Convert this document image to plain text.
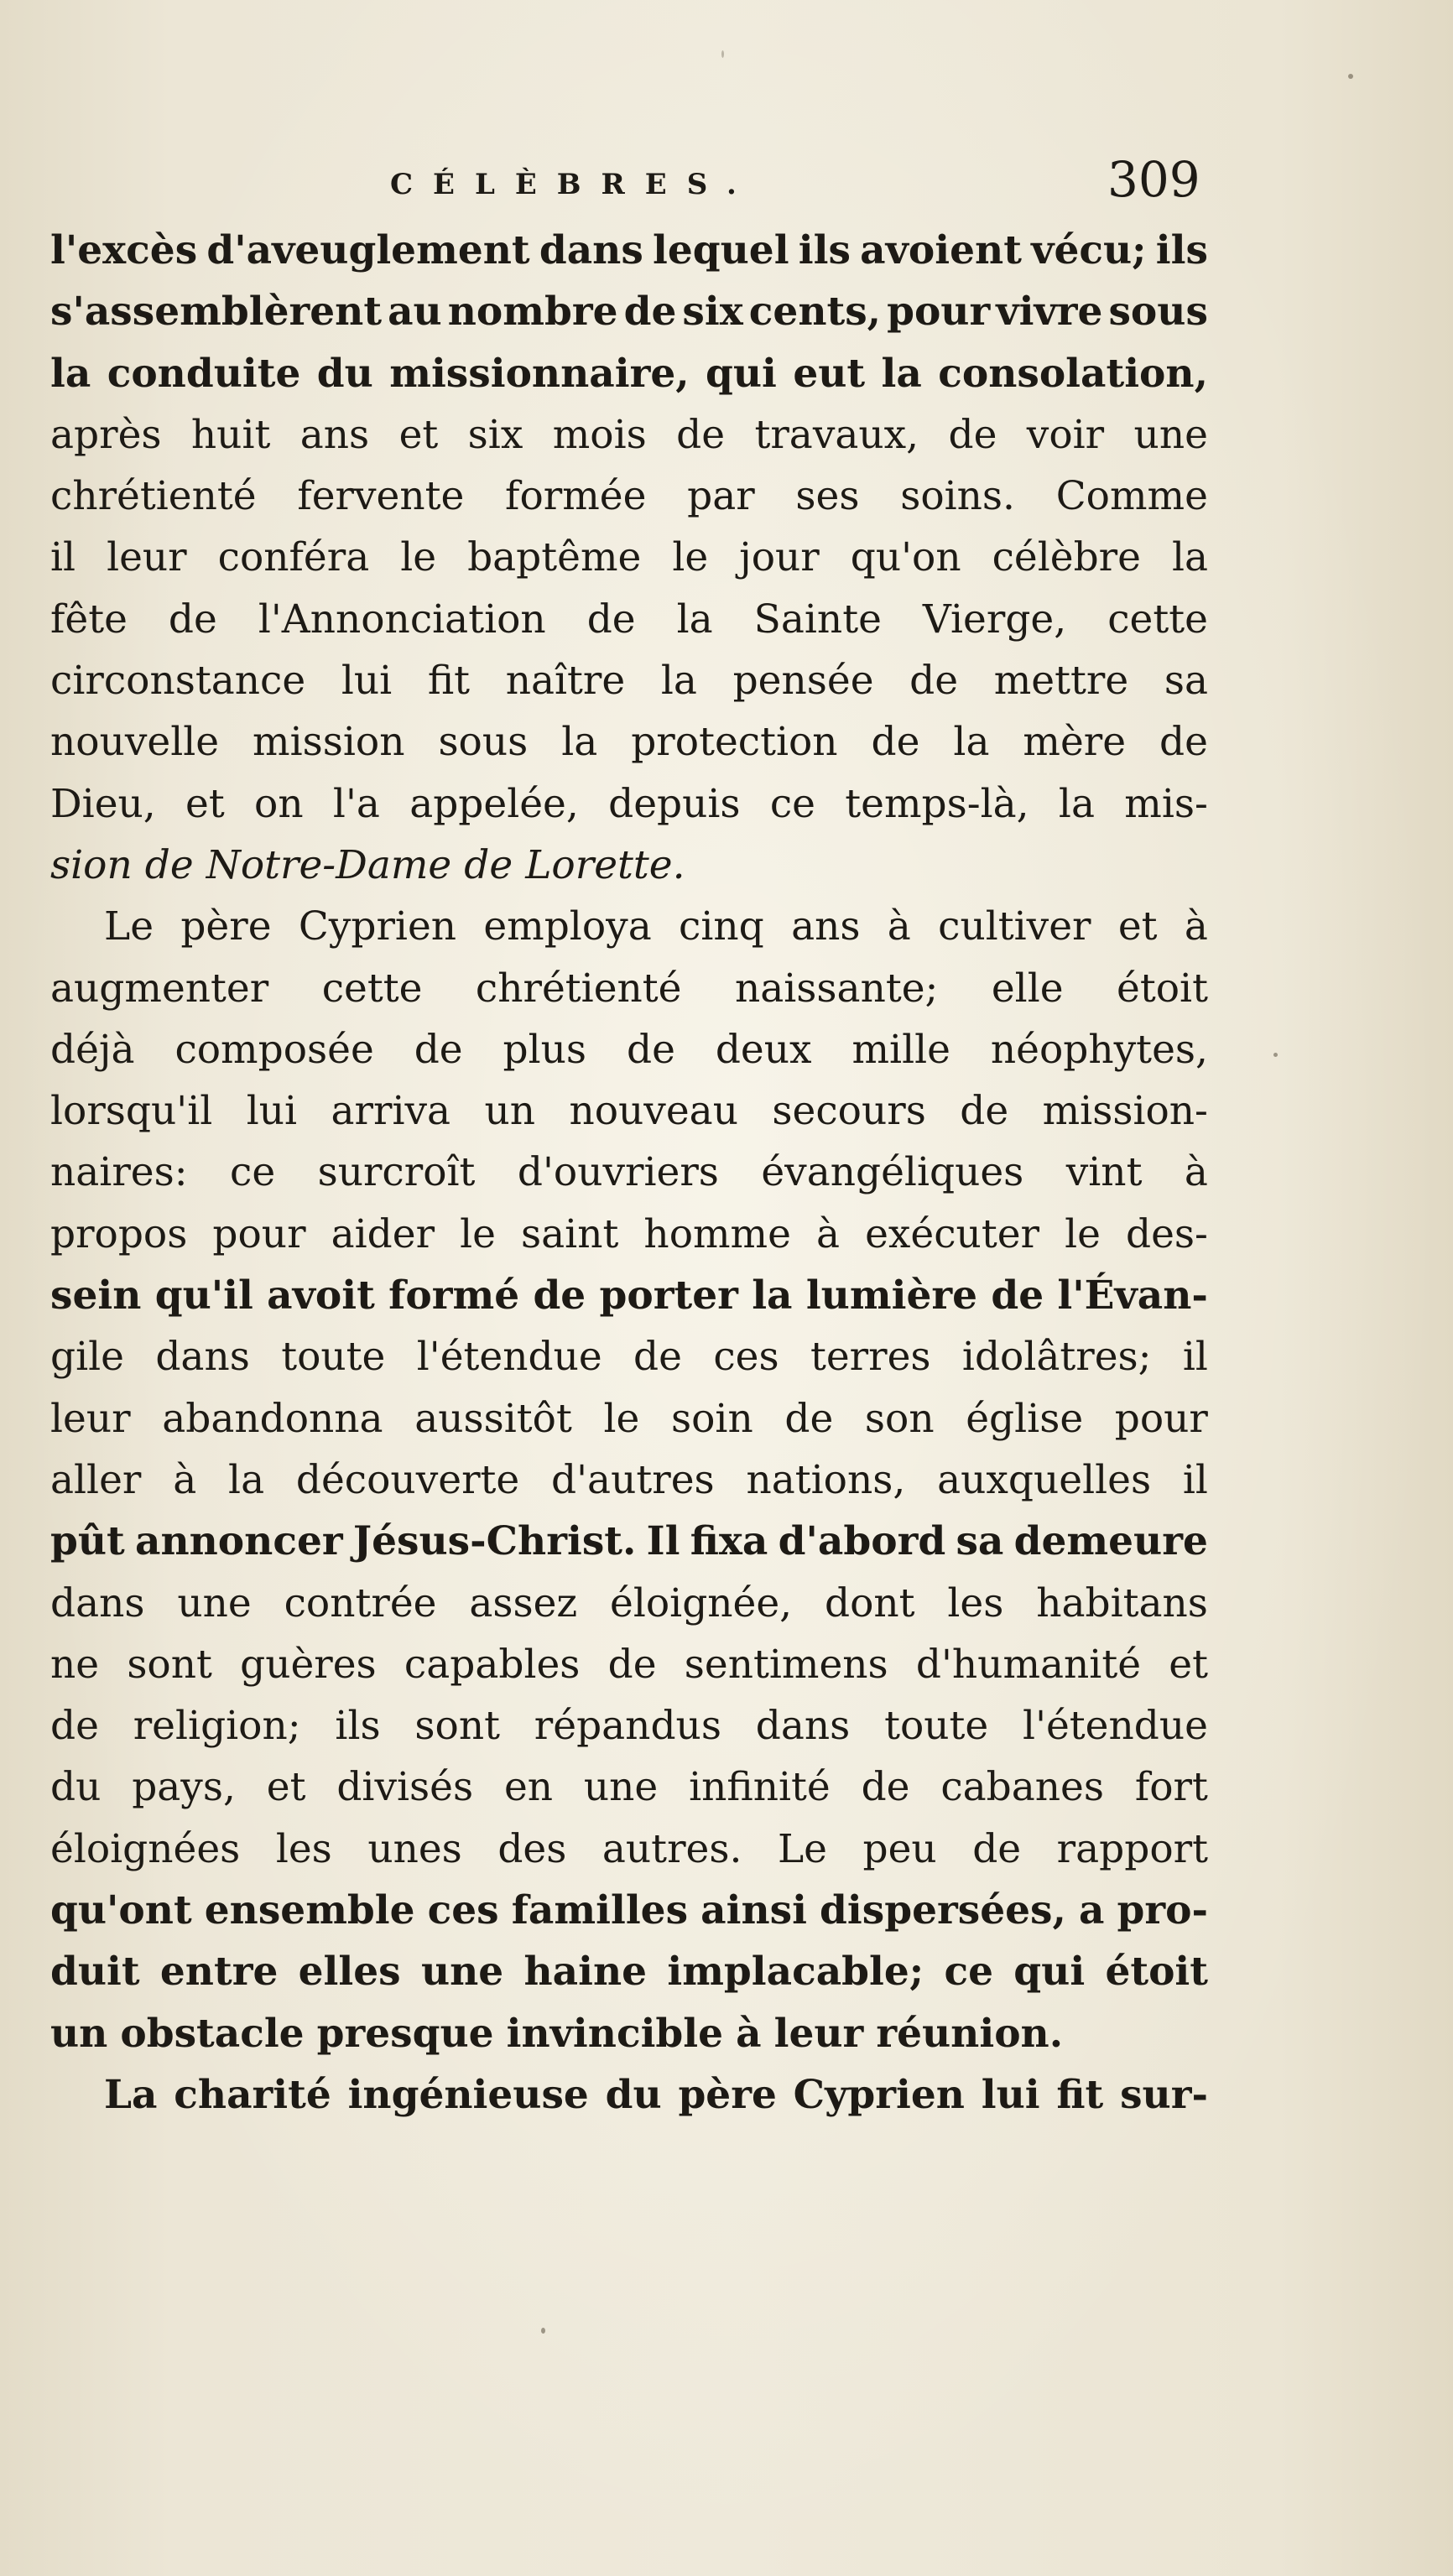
CÉLÈBRES.	309
l'excès d'aveuglement dans lequel ils avoient vécu; ils
s'assemblèrent au nombre de six cents, pour vivre sous
la conduite du missionnaire, qui eut la consolation,
après huit ans et six mois de travaux, de voir une
chrétienté fervente formée par ses soins. Comme
il leur conféra le baptême le jour qu'on célèbre la
fête de l'Annonciation de la Sainte Vierge, cette
circonstance lui fit naître la pensée de mettre sa
nouvelle mission sous la protection de la mère de
Dieu, et on l'a appelée, depuis ce temps-là, la mis-
sion de Notre-Dame de Lorette.
Le père Cyprien employa cinq ans à cultiver et à
augmenter cette chrétienté naissante; elle étoit
déjà composée de plus de deux mille néophytes,
lorsqu'il lui arriva un nouveau secours de mission-
naires: ce surcroît d'ouvriers évangéliques vint à
propos pour aider le saint homme à exécuter le des-
sein qu'il avoit formé de porter la lumière de l'Évan-
gile dans toute l'étendue de ces terres idolâtres; il
leur abandonna aussitôt le soin de son église pour
aller à la découverte d'autres nations, auxquelles il
pût annoncer Jésus-Christ. Il fixa d'abord sa demeure
dans une contrée assez éloignée, dont les habitans
ne sont guères capables de sentimens d'humanité et
de religion; ils sont répandus dans toute l'étendue
du pays, et divisés en une infinité de cabanes fort
éloignées les unes des autres. Le peu de rapport
qu'ont ensemble ces familles ainsi dispersées, a pro-
duit entre elles une haine implacable; ce qui étoit
un obstacle presque invincible à leur réunion.
La charité ingénieuse du père Cyprien lui fit sur-
